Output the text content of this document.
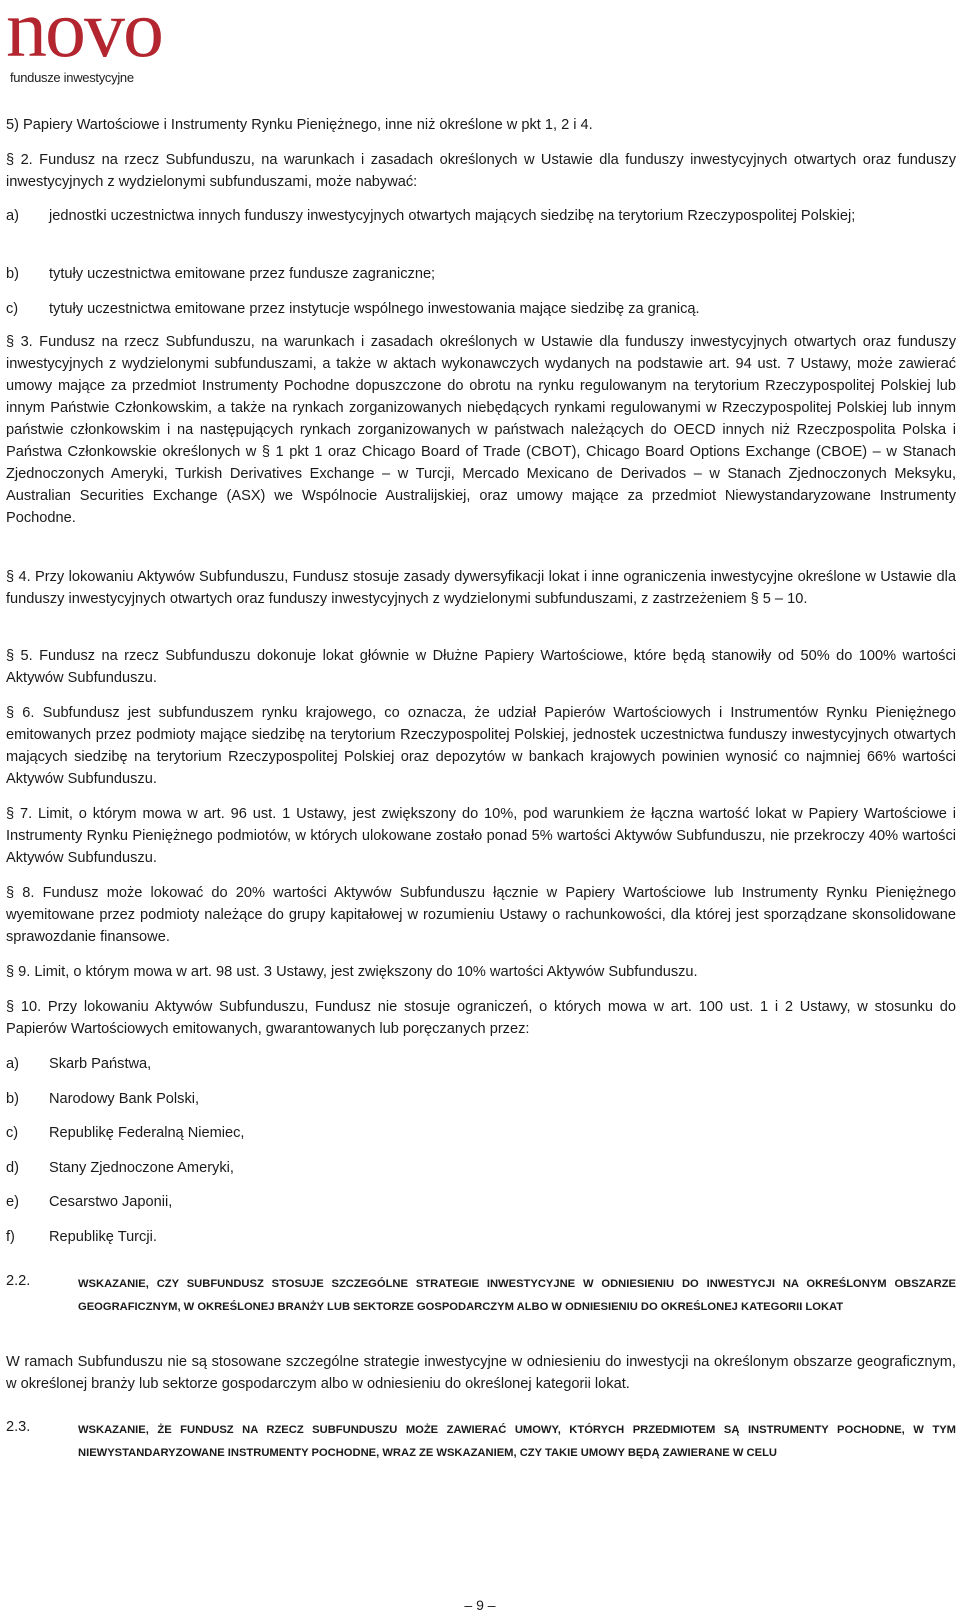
novo
fundusze inwestycyjne
5) Papiery Wartościowe i Instrumenty Rynku Pieniężnego, inne niż określone w pkt 1, 2 i 4.
§ 2. Fundusz na rzecz Subfunduszu, na warunkach i zasadach określonych w Ustawie dla funduszy inwestycyjnych otwartych oraz funduszy inwestycyjnych z wydzielonymi subfunduszami, może nabywać:
a) jednostki uczestnictwa innych funduszy inwestycyjnych otwartych mających siedzibę na terytorium Rzeczypospolitej Polskiej;
b) tytuły uczestnictwa emitowane przez fundusze zagraniczne;
c) tytuły uczestnictwa emitowane przez instytucje wspólnego inwestowania mające siedzibę za granicą.
§ 3. Fundusz na rzecz Subfunduszu, na warunkach i zasadach określonych w Ustawie dla funduszy inwestycyjnych otwartych oraz funduszy inwestycyjnych z wydzielonymi subfunduszami, a także w aktach wykonawczych wydanych na podstawie art. 94 ust. 7 Ustawy, może zawierać umowy mające za przedmiot Instrumenty Pochodne dopuszczone do obrotu na rynku regulowanym na terytorium Rzeczypospolitej Polskiej lub innym Państwie Członkowskim, a także na rynkach zorganizowanych niebędących rynkami regulowanymi w Rzeczypospolitej Polskiej lub innym państwie członkowskim i na następujących rynkach zorganizowanych w państwach należących do OECD innych niż Rzeczpospolita Polska i Państwa Członkowskie określonych w § 1 pkt 1 oraz Chicago Board of Trade (CBOT), Chicago Board Options Exchange (CBOE) – w Stanach Zjednoczonych Ameryki, Turkish Derivatives Exchange – w Turcji, Mercado Mexicano de Derivados – w Stanach Zjednoczonych Meksyku, Australian Securities Exchange (ASX) we Wspólnocie Australijskiej, oraz umowy mające za przedmiot Niewystandaryzowane Instrumenty Pochodne.
§ 4. Przy lokowaniu Aktywów Subfunduszu, Fundusz stosuje zasady dywersyfikacji lokat i inne ograniczenia inwestycyjne określone w Ustawie dla funduszy inwestycyjnych otwartych oraz funduszy inwestycyjnych z wydzielonymi subfunduszami, z zastrzeżeniem § 5 – 10.
§ 5. Fundusz na rzecz Subfunduszu dokonuje lokat głównie w Dłużne Papiery Wartościowe, które będą stanowiły od 50% do 100% wartości Aktywów Subfunduszu.
§ 6. Subfundusz jest subfunduszem rynku krajowego, co oznacza, że udział Papierów Wartościowych i Instrumentów Rynku Pieniężnego emitowanych przez podmioty mające siedzibę na terytorium Rzeczypospolitej Polskiej, jednostek uczestnictwa funduszy inwestycyjnych otwartych mających siedzibę na terytorium Rzeczypospolitej Polskiej oraz depozytów w bankach krajowych powinien wynosić co najmniej 66% wartości Aktywów Subfunduszu.
§ 7. Limit, o którym mowa w art. 96 ust. 1 Ustawy, jest zwiększony do 10%, pod warunkiem że łączna wartość lokat w Papiery Wartościowe i Instrumenty Rynku Pieniężnego podmiotów, w których ulokowane zostało ponad 5% wartości Aktywów Subfunduszu, nie przekroczy 40% wartości Aktywów Subfunduszu.
§ 8. Fundusz może lokować do 20% wartości Aktywów Subfunduszu łącznie w Papiery Wartościowe lub Instrumenty Rynku Pieniężnego wyemitowane przez podmioty należące do grupy kapitałowej w rozumieniu Ustawy o rachunkowości, dla której jest sporządzane skonsolidowane sprawozdanie finansowe.
§ 9. Limit, o którym mowa w art. 98 ust. 3 Ustawy, jest zwiększony do 10% wartości Aktywów Subfunduszu.
§ 10. Przy lokowaniu Aktywów Subfunduszu, Fundusz nie stosuje ograniczeń, o których mowa w art. 100 ust. 1 i 2 Ustawy, w stosunku do Papierów Wartościowych emitowanych, gwarantowanych lub poręczanych przez:
a) Skarb Państwa,
b) Narodowy Bank Polski,
c) Republikę Federalną Niemiec,
d) Stany Zjednoczone Ameryki,
e) Cesarstwo Japonii,
f) Republikę Turcji.
2.2.	WSKAZANIE, CZY SUBFUNDUSZ STOSUJE SZCZEGÓLNE STRATEGIE INWESTYCYJNE W ODNIESIENIU DO INWESTYCJI NA OKREŚLONYM OBSZARZE GEOGRAFICZNYM, W OKREŚLONEJ BRANŻY LUB SEKTORZE GOSPODARCZYM ALBO W ODNIESIENIU DO OKREŚLONEJ KATEGORII LOKAT
W ramach Subfunduszu nie są stosowane szczególne strategie inwestycyjne w odniesieniu do inwestycji na określonym obszarze geograficznym, w określonej branży lub sektorze gospodarczym albo w odniesieniu do określonej kategorii lokat.
2.3.	WSKAZANIE, ŻE FUNDUSZ NA RZECZ SUBFUNDUSZU MOŻE ZAWIERAĆ UMOWY, KTÓRYCH PRZEDMIOTEM SĄ INSTRUMENTY POCHODNE, W TYM NIEWYSTANDARYZOWANE INSTRUMENTY POCHODNE, WRAZ ZE WSKAZANIEM, CZY TAKIE UMOWY BĘDĄ ZAWIERANE W CELU
– 9 –
